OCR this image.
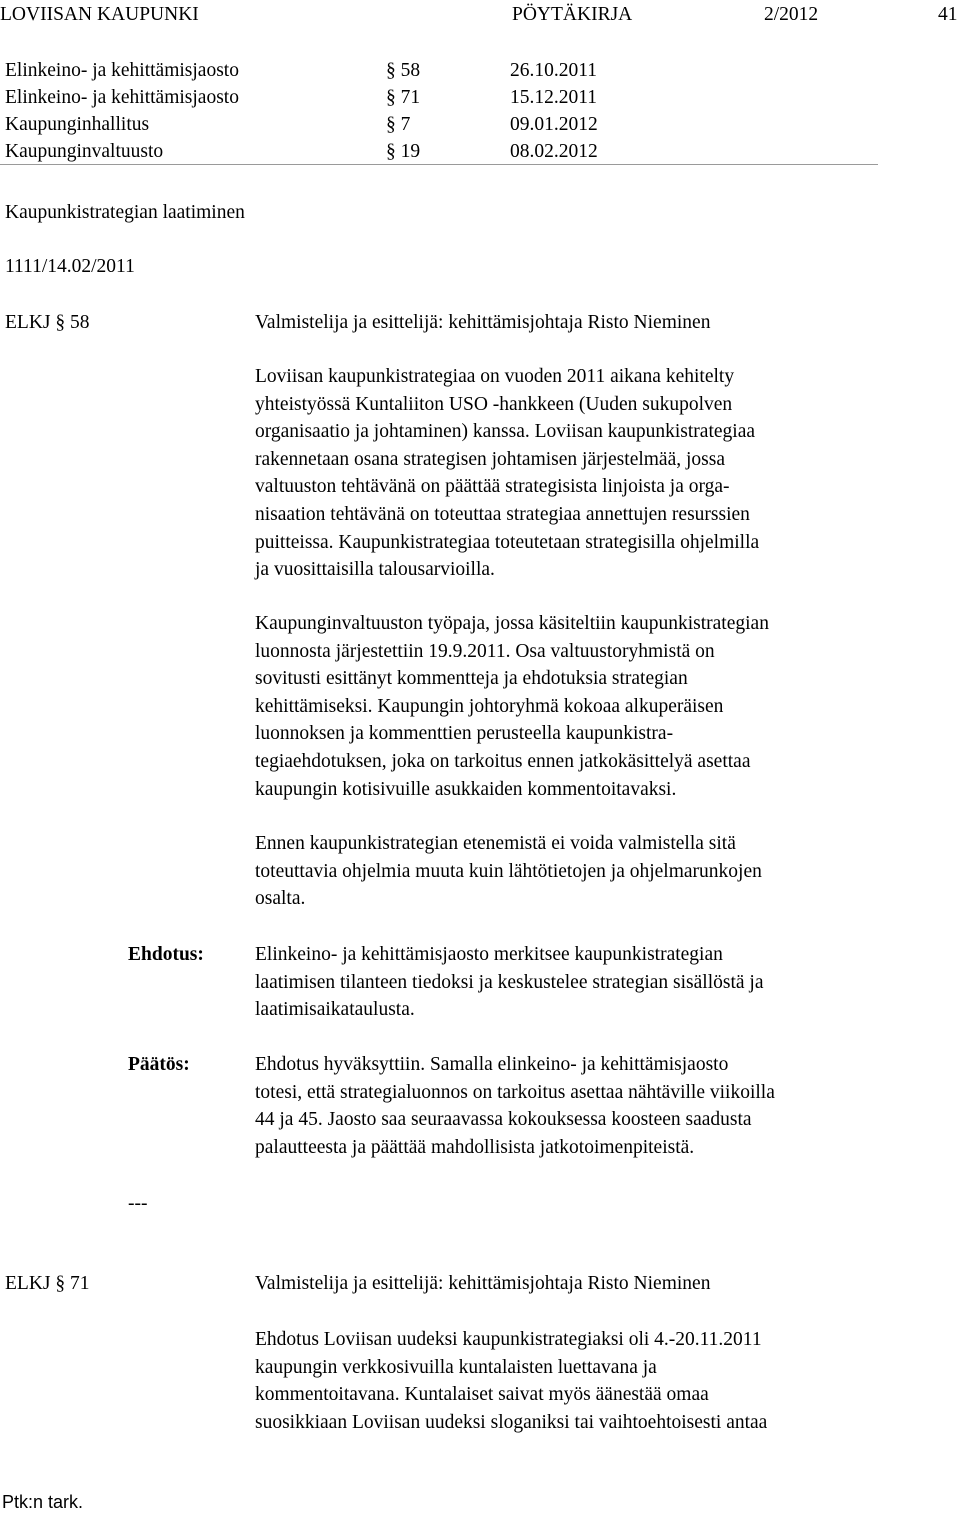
LOVIISAN KAUPUNKI	PÖYTÄKIRJA	2/2012	41
Elinkeino- ja kehittämisjaosto	§ 58	26.10.2011
Elinkeino- ja kehittämisjaosto	§ 71	15.12.2011
Kaupunginhallitus	§ 7	09.01.2012
Kaupunginvaltuusto	§ 19	08.02.2012
Kaupunkistrategian laatiminen
1111/14.02/2011
ELKJ § 58	Valmistelija ja esittelijä: kehittämisjohtaja Risto Nieminen
Loviisan kaupunkistrategiaa on vuoden 2011 aikana kehitelty
yhteistyössä Kuntaliiton USO -hankkeen (Uuden sukupolven
organisaatio ja johtaminen) kanssa. Loviisan kaupunkistrategiaa
rakennetaan osana strategisen johtamisen järjestelmää, jossa
valtuuston tehtävänä on päättää strategisista linjoista ja orga-
nisaation tehtävänä on toteuttaa strategiaa annettujen resurssien
puitteissa. Kaupunkistrategiaa toteutetaan strategisilla ohjelmilla
ja vuosittaisilla talousarvioilla.
Kaupunginvaltuuston työpaja, jossa käsiteltiin kaupunkistrategian
luonnosta järjestettiin 19.9.2011. Osa valtuustoryhmistä on
sovitusti esittänyt kommentteja ja ehdotuksia strategian
kehittämiseksi. Kaupungin johtoryhmä kokoaa alkuperäisen
luonnoksen ja kommenttien perusteella kaupunkistra-
tegiaehdotuksen, joka on tarkoitus ennen jatkokäsittelyä asettaa
kaupungin kotisivuille asukkaiden kommentoitavaksi.
Ennen kaupunkistrategian etenemistä ei voida valmistella sitä
toteuttavia ohjelmia muuta kuin lähtötietojen ja ohjelmarunkojen
osalta.
Ehdotus:	Elinkeino- ja kehittämisjaosto merkitsee kaupunkistrategian
laatimisen tilanteen tiedoksi ja keskustelee strategian sisällöstä ja
laatimisaikataulusta.
Päätös:	Ehdotus hyväksyttiin. Samalla elinkeino- ja kehittämisjaosto
totesi, että strategialuonnos on tarkoitus asettaa nähtäville viikoilla
44 ja 45. Jaosto saa seuraavassa kokouksessa koosteen saadusta
palautteesta ja päättää mahdollisista jatkotoimenpiteistä.
---
ELKJ § 71	Valmistelija ja esittelijä: kehittämisjohtaja Risto Nieminen
Ehdotus Loviisan uudeksi kaupunkistrategiaksi oli 4.-20.11.2011
kaupungin verkkosivuilla kuntalaisten luettavana ja
kommentoitavana. Kuntalaiset saivat myös äänestää omaa
suosikkiaan Loviisan uudeksi sloganiksi tai vaihtoehtoisesti antaa
Ptk:n tark.
